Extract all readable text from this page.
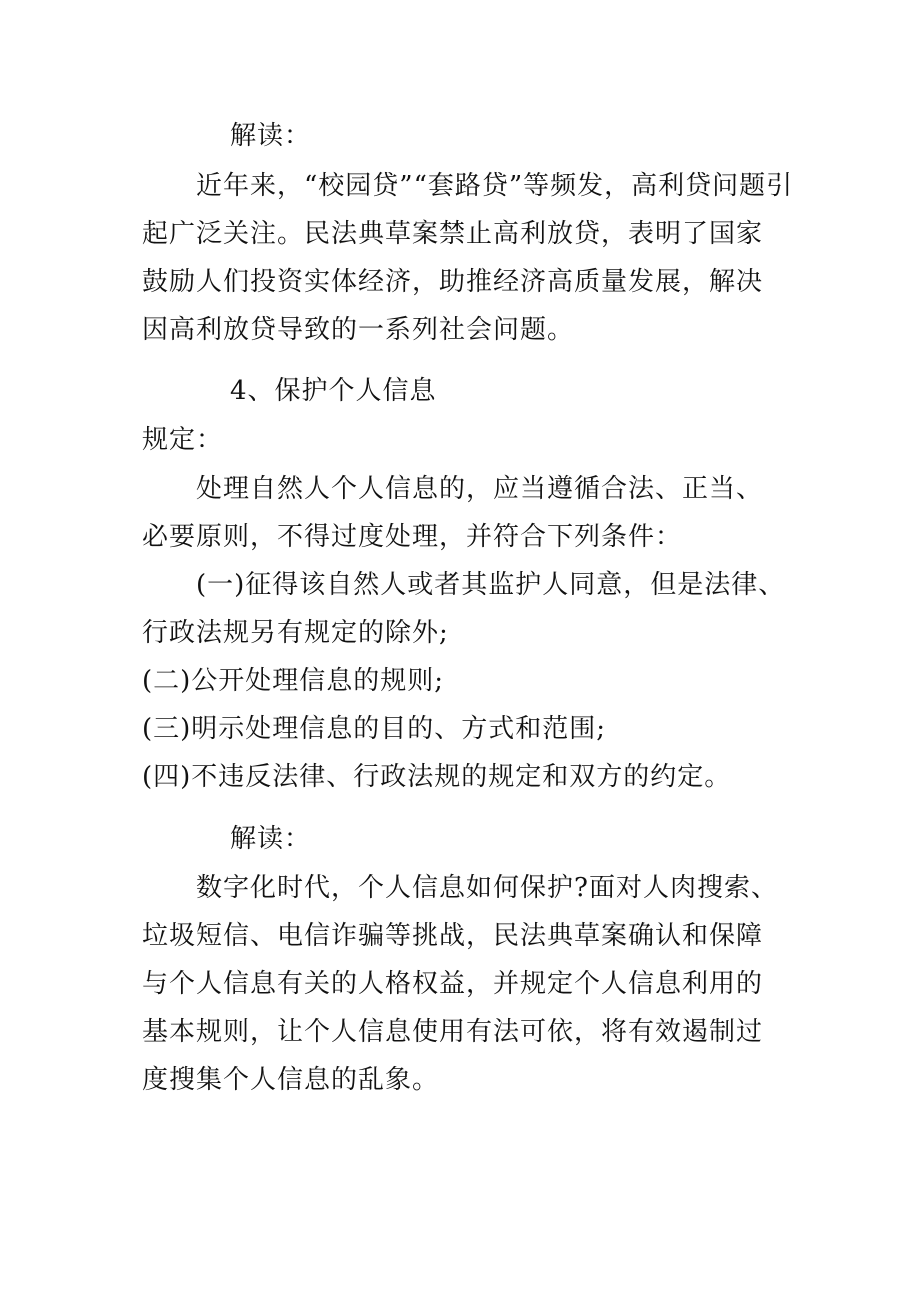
解读：
近年来，“校园贷”“套路贷”等频发，高利贷问题引
起广泛关注。民法典草案禁止高利放贷，表明了国家
鼓励人们投资实体经济，助推经济高质量发展，解决
因高利放贷导致的一系列社会问题。
4、保护个人信息
规定：
处理自然人个人信息的，应当遵循合法、正当、
必要原则，不得过度处理，并符合下列条件：
(一)征得该自然人或者其监护人同意，但是法律、
行政法规另有规定的除外;
(二)公开处理信息的规则;
(三)明示处理信息的目的、方式和范围;
(四)不违反法律、行政法规的规定和双方的约定。
解读：
数字化时代，个人信息如何保护?面对人肉搜索、
垃圾短信、电信诈骗等挑战，民法典草案确认和保障
与个人信息有关的人格权益，并规定个人信息利用的
基本规则，让个人信息使用有法可依，将有效遏制过
度搜集个人信息的乱象。
